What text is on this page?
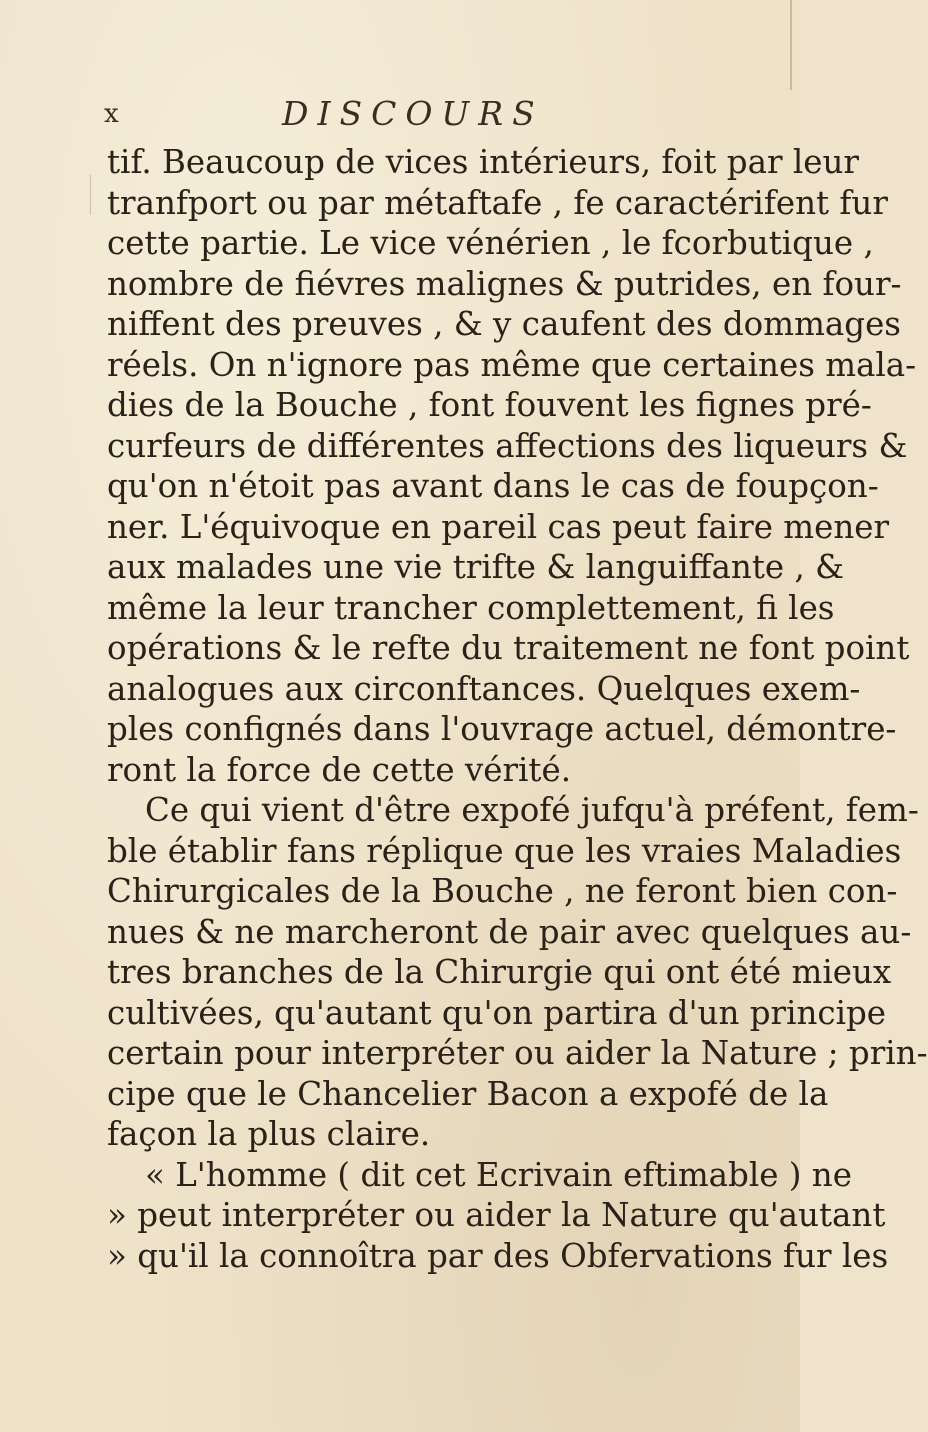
x	DISCOURS
tif. Beaucoup de vices intérieurs, foit par leur
tranfport ou par métaftafe , fe caractérifent fur
cette partie. Le vice vénérien , le fcorbutique ,
nombre de fiévres malignes & putrides, en four-
niffent des preuves , & y caufent des dommages
réels. On n'ignore pas même que certaines mala-
dies de la Bouche , font fouvent les fignes pré-
curfeurs de différentes affections des liqueurs &
qu'on n'étoit pas avant dans le cas de foupçon-
ner. L'équivoque en pareil cas peut faire mener
aux malades une vie trifte & languiffante , &
même la leur trancher complettement, fi les
opérations & le refte du traitement ne font point
analogues aux circonftances. Quelques exem-
ples confignés dans l'ouvrage actuel, démontre-
ront la force de cette vérité.
Ce qui vient d'être expofé jufqu'à préfent, fem-
ble établir fans réplique que les vraies Maladies
Chirurgicales de la Bouche , ne feront bien con-
nues & ne marcheront de pair avec quelques au-
tres branches de la Chirurgie qui ont été mieux
cultivées, qu'autant qu'on partira d'un principe
certain pour interpréter ou aider la Nature ; prin-
cipe que le Chancelier Bacon a expofé de la
façon la plus claire.
« L'homme ( dit cet Ecrivain eftimable ) ne
» peut interpréter ou aider la Nature qu'autant
» qu'il la connoîtra par des Obfervations fur les
